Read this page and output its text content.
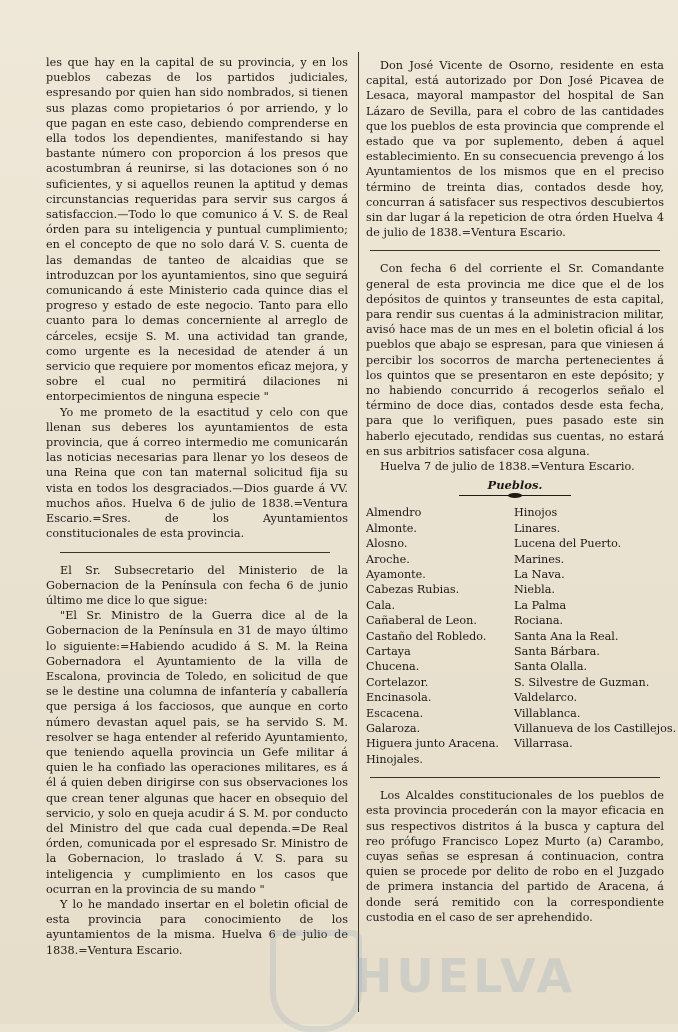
les que hay en la capital de su provincia, y en los pueblos cabezas de los partidos judiciales, espresando por quien han sido nombrados, si tienen sus plazas como propietarios ó por arriendo, y lo que pagan en este caso, debiendo comprenderse en ella todos los dependientes, manifestando si hay bastante número con proporcion á los presos que acostumbran á reunirse, si las dotaciones son ó no suficientes, y si aquellos reunen la aptitud y demas circunstancias requeridas para servir sus cargos á satisfaccion.—Todo lo que comunico á V. S. de Real órden para su inteligencia y puntual cumplimiento; en el concepto de que no solo dará V. S. cuenta de las demandas de tanteo de alcaidias que se introduzcan por los ayuntamientos, sino que seguirá comunicando á este Ministerio cada quince dias el progreso y estado de este negocio. Tanto para ello cuanto para lo demas concerniente al arreglo de cárceles, ecsije S. M. una actividad tan grande, como urgente es la necesidad de atender á un servicio que requiere por momentos eficaz mejora, y sobre el cual no permitirá dilaciones ni entorpecimientos de ninguna especie "

Yo me prometo de la esactitud y celo con que llenan sus deberes los ayuntamientos de esta provincia, que á correo intermedio me comunicarán las noticias necesarias para llenar yo los deseos de una Reina que con tan maternal solicitud fija su vista en todos los desgraciados.—Dios guarde á VV. muchos años. Huelva 6 de julio de 1838.=Ventura Escario.=Sres. de los Ayuntamientos constitucionales de esta provincia.

El Sr. Subsecretario del Ministerio de la Gobernacion de la Península con fecha 6 de junio último me dice lo que sigue:

"El Sr. Ministro de la Guerra dice al de la Gobernacion de la Península en 31 de mayo último lo siguiente:=Habiendo acudido á S. M. la Reina Gobernadora el Ayuntamiento de la villa de Escalona, provincia de Toledo, en solicitud de que se le destine una columna de infantería y caballería que persiga á los facciosos, que aunque en corto número devastan aquel pais, se ha servido S. M. resolver se haga entender al referido Ayuntamiento, que teniendo aquella provincia un Gefe militar á quien le ha confiado las operaciones militares, es á él á quien deben dirigirse con sus observaciones los que crean tener algunas que hacer en obsequio del servicio, y solo en queja acudir á S. M. por conducto del Ministro del que cada cual dependa.=De Real órden, comunicada por el espresado Sr. Ministro de la Gobernacion, lo traslado á V. S. para su inteligencia y cumplimiento en los casos que ocurran en la provincia de su mando "

Y lo he mandado insertar en el boletin oficial de esta provincia para conocimiento de los ayuntamientos de la misma. Huelva 6 de julio de 1838.=Ventura Escario.

Don José Vicente de Osorno, residente en esta capital, está autorizado por Don José Picavea de Lesaca, mayoral mampastor del hospital de San Lázaro de Sevilla, para el cobro de las cantidades que los pueblos de esta provincia que comprende el estado que va por suplemento, deben á aquel establecimiento. En su consecuencia prevengo á los Ayuntamientos de los mismos que en el preciso término de treinta dias, contados desde hoy, concurran á satisfacer sus respectivos descubiertos sin dar lugar á la repeticion de otra órden Huelva 4 de julio de 1838.=Ventura Escario.

Con fecha 6 del corriente el Sr. Comandante general de esta provincia me dice que el de los depósitos de quintos y transeuntes de esta capital, para rendir sus cuentas á la administracion militar, avisó hace mas de un mes en el boletin oficial á los pueblos que abajo se espresan, para que viniesen á percibir los socorros de marcha pertenecientes á los quintos que se presentaron en este depósito; y no habiendo concurrido á recogerlos señalo el término de doce dias, contados desde esta fecha, para que lo verifiquen, pues pasado este sin haberlo ejecutado, rendidas sus cuentas, no estará en sus arbitrios satisfacer cosa alguna.

Huelva 7 de julio de 1838.=Ventura Escario.

Pueblos.
Almendro
Almonte.
Alosno.
Aroche.
Ayamonte.
Cabezas Rubias.
Cala.
Cañaberal de Leon.
Castaño del Robledo.
Cartaya
Chucena.
Cortelazor.
Encinasola.
Escacena.
Galaroza.
Higuera junto Aracena.
Hinojales.
Hinojos
Linares.
Lucena del Puerto.
Marines.
La Nava.
Niebla.
La Palma
Rociana.
Santa Ana la Real.
Santa Bárbara.
Santa Olalla.
S. Silvestre de Guzman.
Valdelarco.
Villablanca.
Villanueva de los Castillejos.
Villarrasa.

Los Alcaldes constitucionales de los pueblos de esta provincia procederán con la mayor eficacia en sus respectivos distritos á la busca y captura del reo prófugo Francisco Lopez Murto (a) Carambo, cuyas señas se espresan á continuacion, contra quien se procede por delito de robo en el Juzgado de primera instancia del partido de Aracena, á donde será remitido con la correspondiente custodia en el caso de ser aprehendido.

HUELVA
